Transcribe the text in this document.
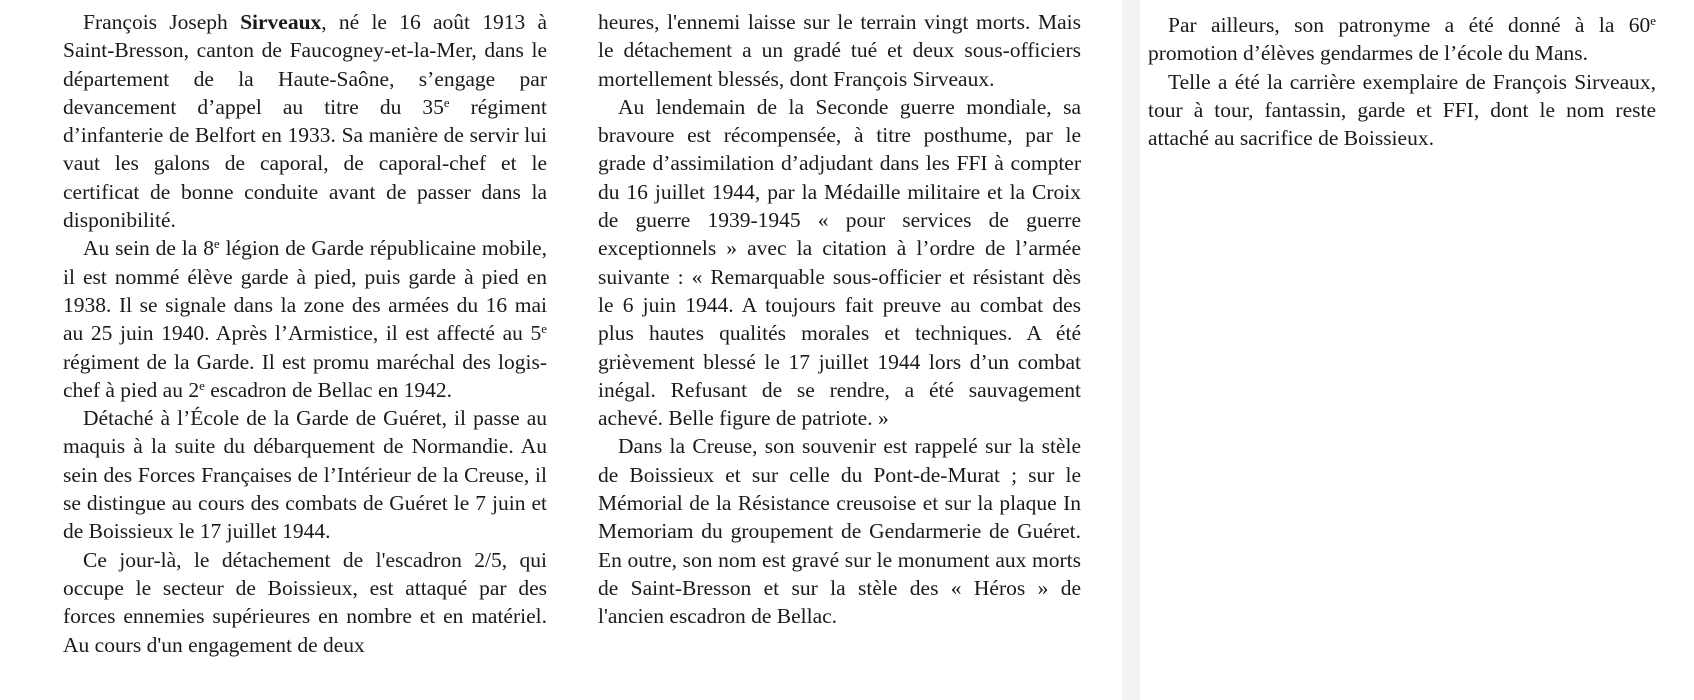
François Joseph Sirveaux, né le 16 août 1913 à Saint-Bresson, canton de Faucogney-et-la-Mer, dans le département de la Haute-Saône, s’engage par devancement d’appel au titre du 35e régiment d’infanterie de Belfort en 1933. Sa manière de servir lui vaut les galons de caporal, de caporal-chef et le certificat de bonne conduite avant de passer dans la disponibilité.

Au sein de la 8e légion de Garde républicaine mobile, il est nommé élève garde à pied, puis garde à pied en 1938. Il se signale dans la zone des armées du 16 mai au 25 juin 1940. Après l’Armistice, il est affecté au 5e régiment de la Garde. Il est promu maréchal des logis-chef à pied au 2e escadron de Bellac en 1942.

Détaché à l’École de la Garde de Guéret, il passe au maquis à la suite du débarquement de Normandie. Au sein des Forces Françaises de l’Intérieur de la Creuse, il se distingue au cours des combats de Guéret le 7 juin et de Boissieux le 17 juillet 1944.

Ce jour-là, le détachement de l'escadron 2/5, qui occupe le secteur de Boissieux, est attaqué par des forces ennemies supérieures en nombre et en matériel. Au cours d'un engagement de deux

heures, l'ennemi laisse sur le terrain vingt morts. Mais le détachement a un gradé tué et deux sous-officiers mortellement blessés, dont François Sirveaux.

Au lendemain de la Seconde guerre mondiale, sa bravoure est récompensée, à titre posthume, par le grade d’assimilation d’adjudant dans les FFI à compter du 16 juillet 1944, par la Médaille militaire et la Croix de guerre 1939-1945 « pour services de guerre exceptionnels » avec la citation à l’ordre de l’armée suivante : « Remarquable sous-officier et résistant dès le 6 juin 1944. A toujours fait preuve au combat des plus hautes qualités morales et techniques. A été grièvement blessé le 17 juillet 1944 lors d’un combat inégal. Refusant de se rendre, a été sauvagement achevé. Belle figure de patriote. »

Dans la Creuse, son souvenir est rappelé sur la stèle de Boissieux et sur celle du Pont-de-Murat ; sur le Mémorial de la Résistance creusoise et sur la plaque In Memoriam du groupement de Gendarmerie de Guéret. En outre, son nom est gravé sur le monument aux morts de Saint-Bresson et sur la stèle des « Héros » de l'ancien escadron de Bellac.

Par ailleurs, son patronyme a été donné à la 60e promotion d’élèves gendarmes de l’école du Mans.

Telle a été la carrière exemplaire de François Sirveaux, tour à tour, fantassin, garde et FFI, dont le nom reste attaché au sacrifice de Boissieux.
